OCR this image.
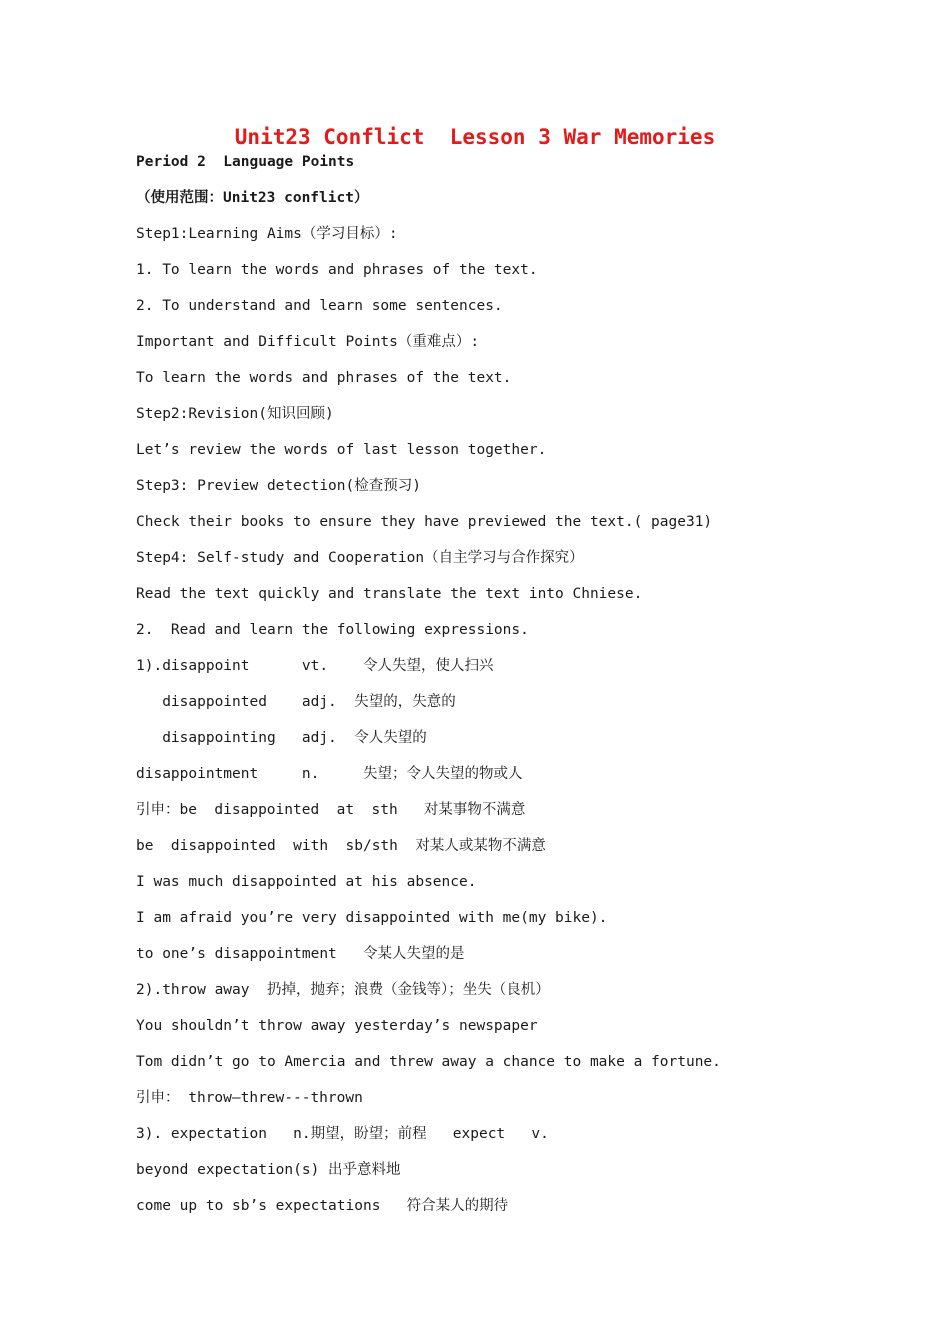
Unit23 Conflict  Lesson 3 War Memories
Period 2  Language Points
（使用范围：Unit23 conflict）
Step1:Learning Aims（学习目标）:
1. To learn the words and phrases of the text.
2. To understand and learn some sentences.
Important and Difficult Points（重难点）:
To learn the words and phrases of the text.
Step2:Revision(知识回顾)
Let’s review the words of last lesson together.
Step3: Preview detection(检查预习)
Check their books to ensure they have previewed the text.( page31)
Step4: Self-study and Cooperation（自主学习与合作探究）
Read the text quickly and translate the text into Chniese.
2.  Read and learn the following expressions.
1).disappoint      vt.    令人失望，使人扫兴
disappointed    adj.  失望的，失意的
disappointing   adj.  令人失望的
disappointment     n.     失望；令人失望的物或人
引申：be  disappointed  at  sth   对某事物不满意
be  disappointed  with  sb/sth  对某人或某物不满意
I was much disappointed at his absence.
I am afraid you’re very disappointed with me(my bike).
to one’s disappointment   令某人失望的是
2).throw away  扔掉，抛弃；浪费（金钱等）；坐失（良机）
You shouldn’t throw away yesterday’s newspaper
Tom didn’t go to Amercia and threw away a chance to make a fortune.
引申： throw—threw---thrown
3). expectation   n.期望，盼望；前程   expect   v.
beyond expectation(s) 出乎意料地
come up to sb’s expectations   符合某人的期待
